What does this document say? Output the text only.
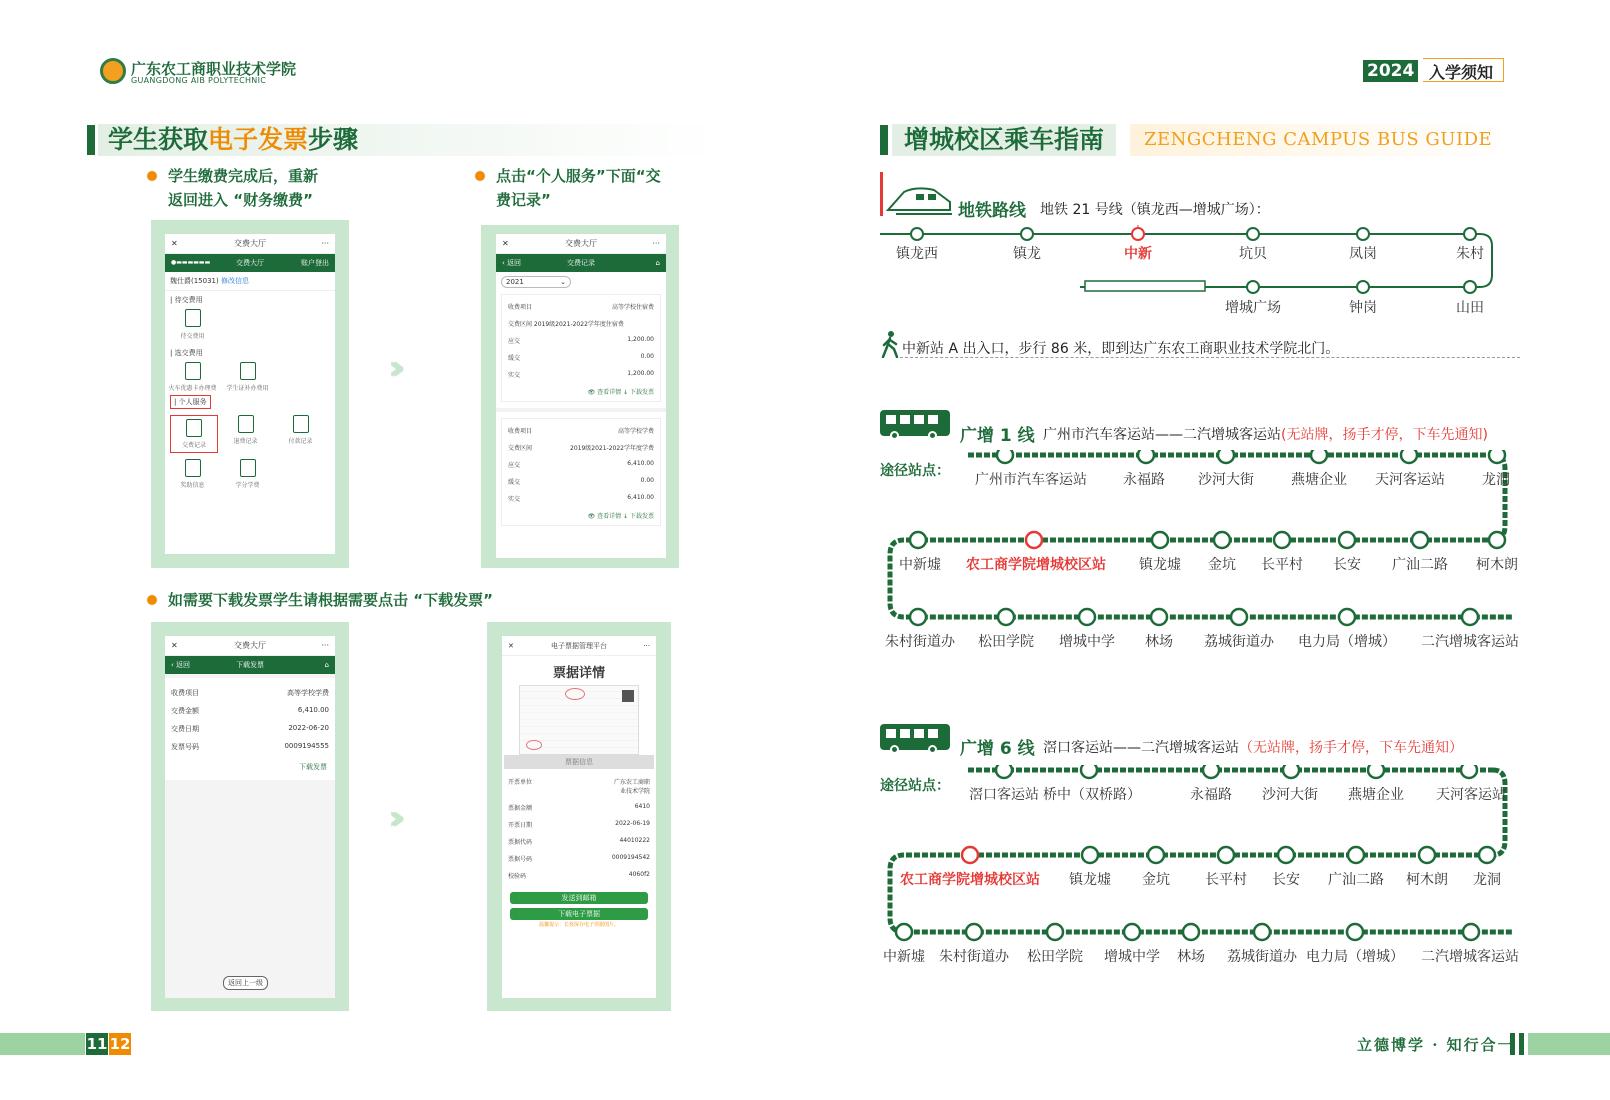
广东农工商职业技术学院
GUANGDONG AIB POLYTECHNIC	2024 入学须知
学生获取电子发票步骤
学生缴费完成后，重新
返回进入 “财务缴费”
点击“个人服务”下面“交
费记录”
如需要下载发票学生请根据需要点击 “下载发票”
✕	交费大厅	···
●▬▬▬▬▬▬	交费大厅	账户登出
魏仕爵(15031) 修改信息
| 待交费用
待交费用
| 选交费用
火车优惠卡办理费	学生证补办费用
| 个人服务
交费记录
退费记录	付款记录
奖助信息	学分学费
›››
✕	交费大厅	···
‹ 返回	交费记录	⌂
2021	⌄
收费项目	高等学校住宿费
交费区间 2019级2021-2022学年度住宿费
应交	1,200.00
缓交	0.00
实交	1,200.00
👁 查看详情 ↓ 下载发票
收费项目	高等学校学费
交费区间	2019级2021-2022学年度学费
应交	6,410.00
缓交	0.00
实交	6,410.00
👁 查看详情 ↓ 下载发票
✕	交费大厅	···
‹ 返回	下载发票	⌂
收费项目	高等学校学费
交费金额	6,410.00
交费日期	2022-06-20
发票号码	0009194555
下载发票
返回上一级
›››
✕	电子票据管理平台	···
票据详情
票据信息
开票单位	广东农工商职
业技术学院
票据金额	6410
开票日期	2022-06-19
票据代码	44010222
票据号码	0009194542
校验码	4060f2
发送到邮箱
下载电子票据
温馨提示：长按保存电子票据图片。
11 12	立德博学 · 知行合一
增城校区乘车指南	ZENGCHENG CAMPUS BUS GUIDE
地铁路线 地铁 21 号线（镇龙西—增城广场）：
镇龙西	镇龙	中新	坑贝	凤岗	朱村
增城广场	钟岗	山田
中新站 A 出入口，步行 86 米，即到达广东农工商职业技术学院北门。
广增 1 线 广州市汽车客运站——二汽增城客运站(无站牌，扬手才停，下车先通知)
途径站点：
广州市汽车客运站	永福路 沙河大街	燕塘企业 天河客运站	龙洞
中新墟 农工商学院增城校区站 镇龙墟 金坑 长平村 长安 广汕二路 柯木朗
朱村街道办 松田学院 增城中学 林场 荔城街道办 电力局（增城） 二汽增城客运站
广增 6 线 滘口客运站——二汽增城客运站（无站牌，扬手才停，下车先通知）
途径站点：
滘口客运站 桥中（双桥路）	永福路 沙河大街 燕塘企业 天河客运站
农工商学院增城校区站 镇龙墟 金坑	长平村 长安 广汕二路 柯木朗 龙洞
中新墟 朱村街道办 松田学院 增城中学 林场 荔城街道办 电力局（增城） 二汽增城客运站
